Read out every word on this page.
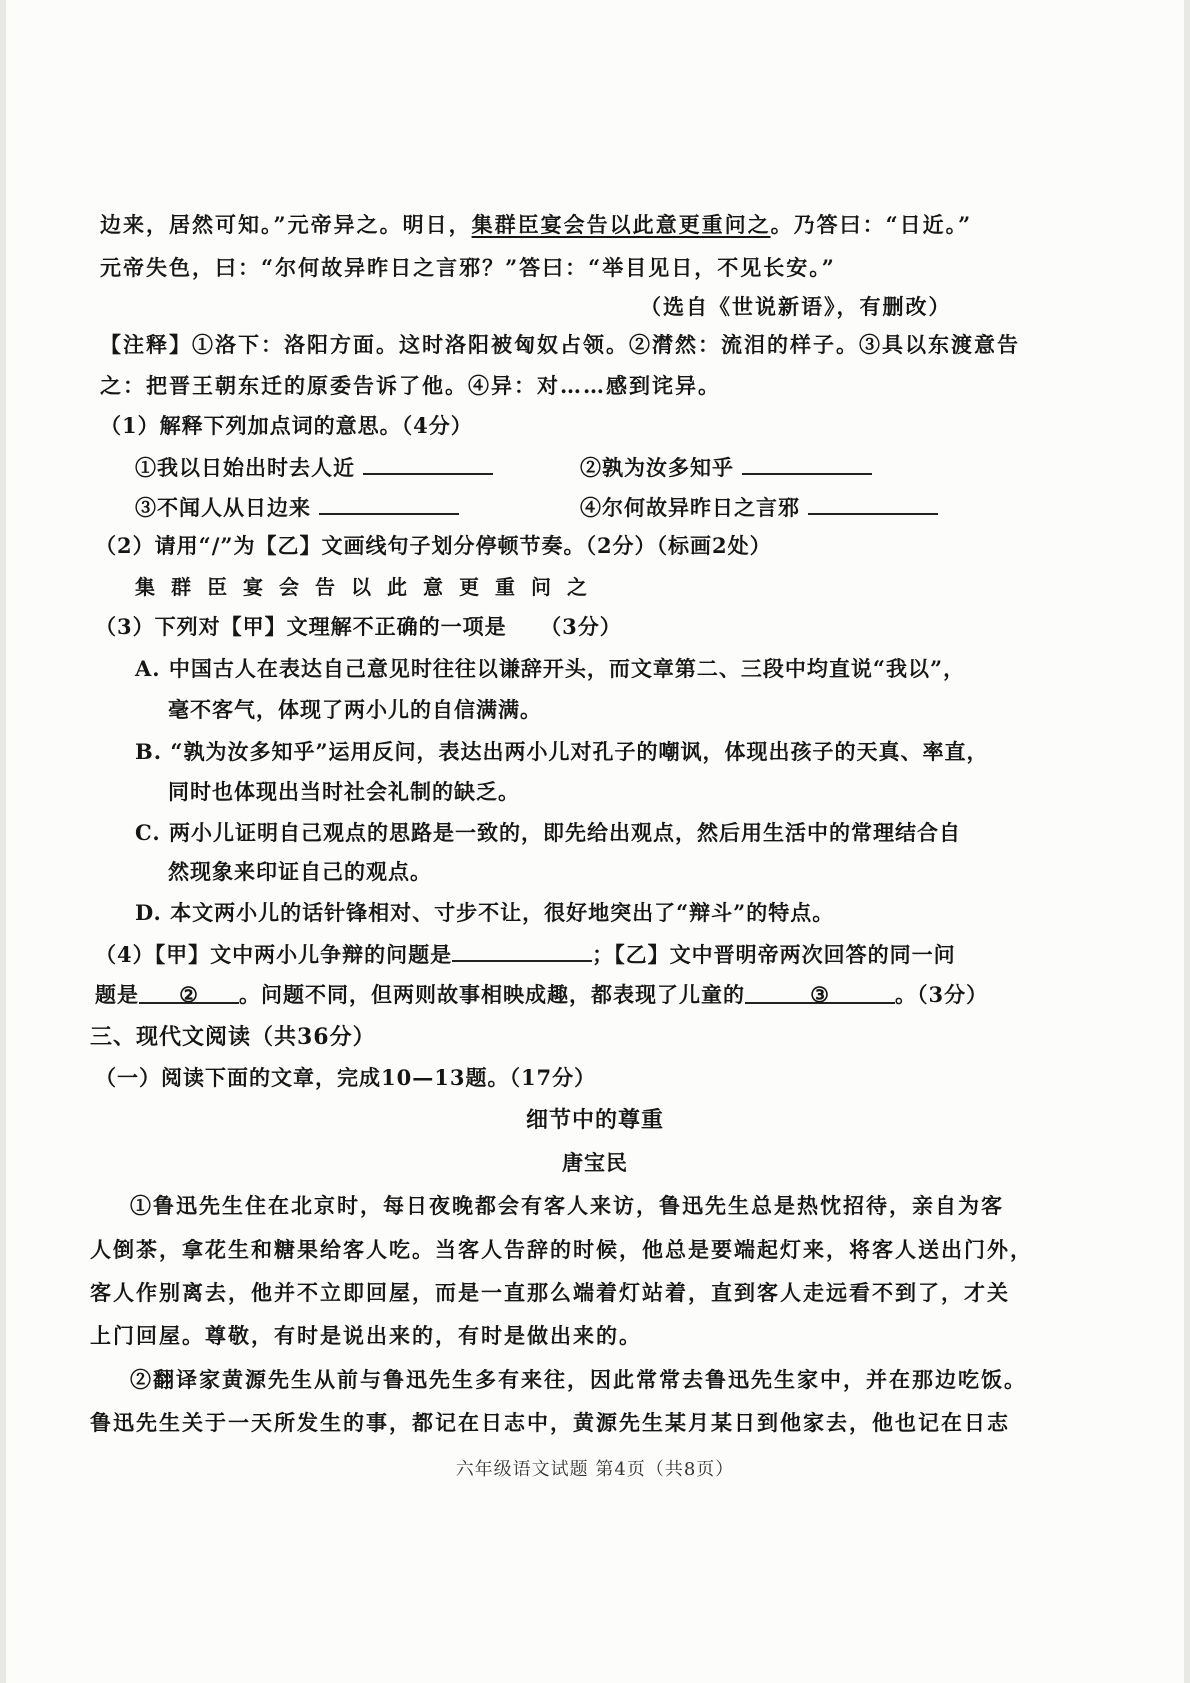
边来，居然可知。”元帝异之。明日，集群臣宴会告以此意更重问之。乃答曰：“日近。”
元帝失色，曰：“尔何故异昨日之言邪？”答曰：“举目见日，不见长安。”
（选自《世说新语》，有删改）
【注释】①洛下：洛阳方面。这时洛阳被匈奴占领。②潸然：流泪的样子。③具以东渡意告
之：把晋王朝东迁的原委告诉了他。④异：对……感到诧异。
（1）解释下列加点词的意思。（4分）
①我以日始出时去人近	②孰为汝多知乎
③不闻人从日边来	④尔何故异昨日之言邪
（2）请用“/”为【乙】文画线句子划分停顿节奏。（2分）（标画2处）
集群臣宴会告以此意更重问之
（3）下列对【甲】文理解不正确的一项是　　（3分）
A. 中国古人在表达自己意见时往往以谦辞开头，而文章第二、三段中均直说“我以”，
毫不客气，体现了两小儿的自信满满。
B. “孰为汝多知乎”运用反问，表达出两小儿对孔子的嘲讽，体现出孩子的天真、率直，
同时也体现出当时社会礼制的缺乏。
C. 两小儿证明自己观点的思路是一致的，即先给出观点，然后用生活中的常理结合自
然现象来印证自己的观点。
D. 本文两小儿的话针锋相对、寸步不让，很好地突出了“辩斗”的特点。
（4）【甲】文中两小儿争辩的问题是	；【乙】文中晋明帝两次回答的同一问
题是 ② 。问题不同，但两则故事相映成趣，都表现了儿童的	③	。（3分）
三、现代文阅读（共36分）
（一）阅读下面的文章，完成10—13题。（17分）
细节中的尊重
唐宝民
①鲁迅先生住在北京时，每日夜晚都会有客人来访，鲁迅先生总是热忱招待，亲自为客
人倒茶，拿花生和糖果给客人吃。当客人告辞的时候，他总是要端起灯来，将客人送出门外，
客人作别离去，他并不立即回屋，而是一直那么端着灯站着，直到客人走远看不到了，才关
上门回屋。尊敬，有时是说出来的，有时是做出来的。
②翻译家黄源先生从前与鲁迅先生多有来往，因此常常去鲁迅先生家中，并在那边吃饭。
鲁迅先生关于一天所发生的事，都记在日志中，黄源先生某月某日到他家去，他也记在日志
六年级语文试题 第4页（共8页）
